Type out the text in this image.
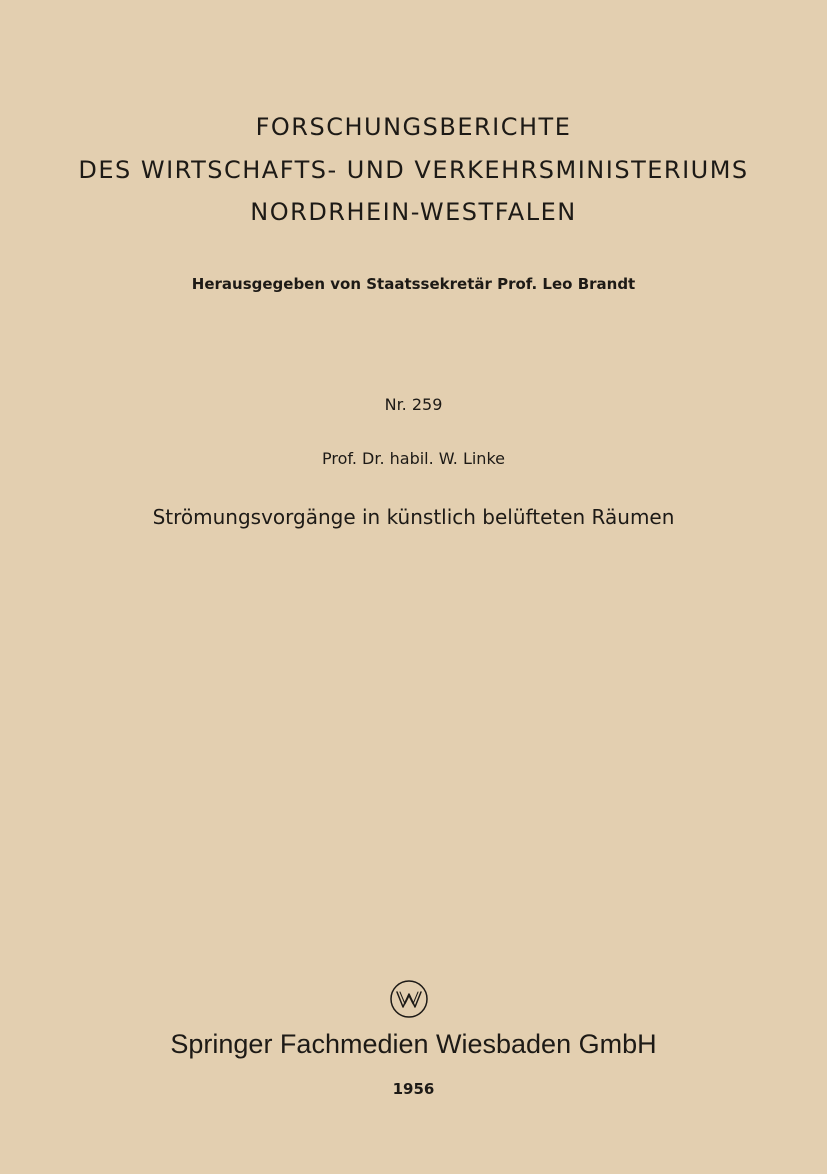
FORSCHUNGSBERICHTE
DES WIRTSCHAFTS- UND VERKEHRSMINISTERIUMS
NORDRHEIN-WESTFALEN
Herausgegeben von Staatssekretär Prof. Leo Brandt
Nr. 259
Prof. Dr. habil. W. Linke
Strömungsvorgänge in künstlich belüfteten Räumen
Springer Fachmedien Wiesbaden GmbH
1956
